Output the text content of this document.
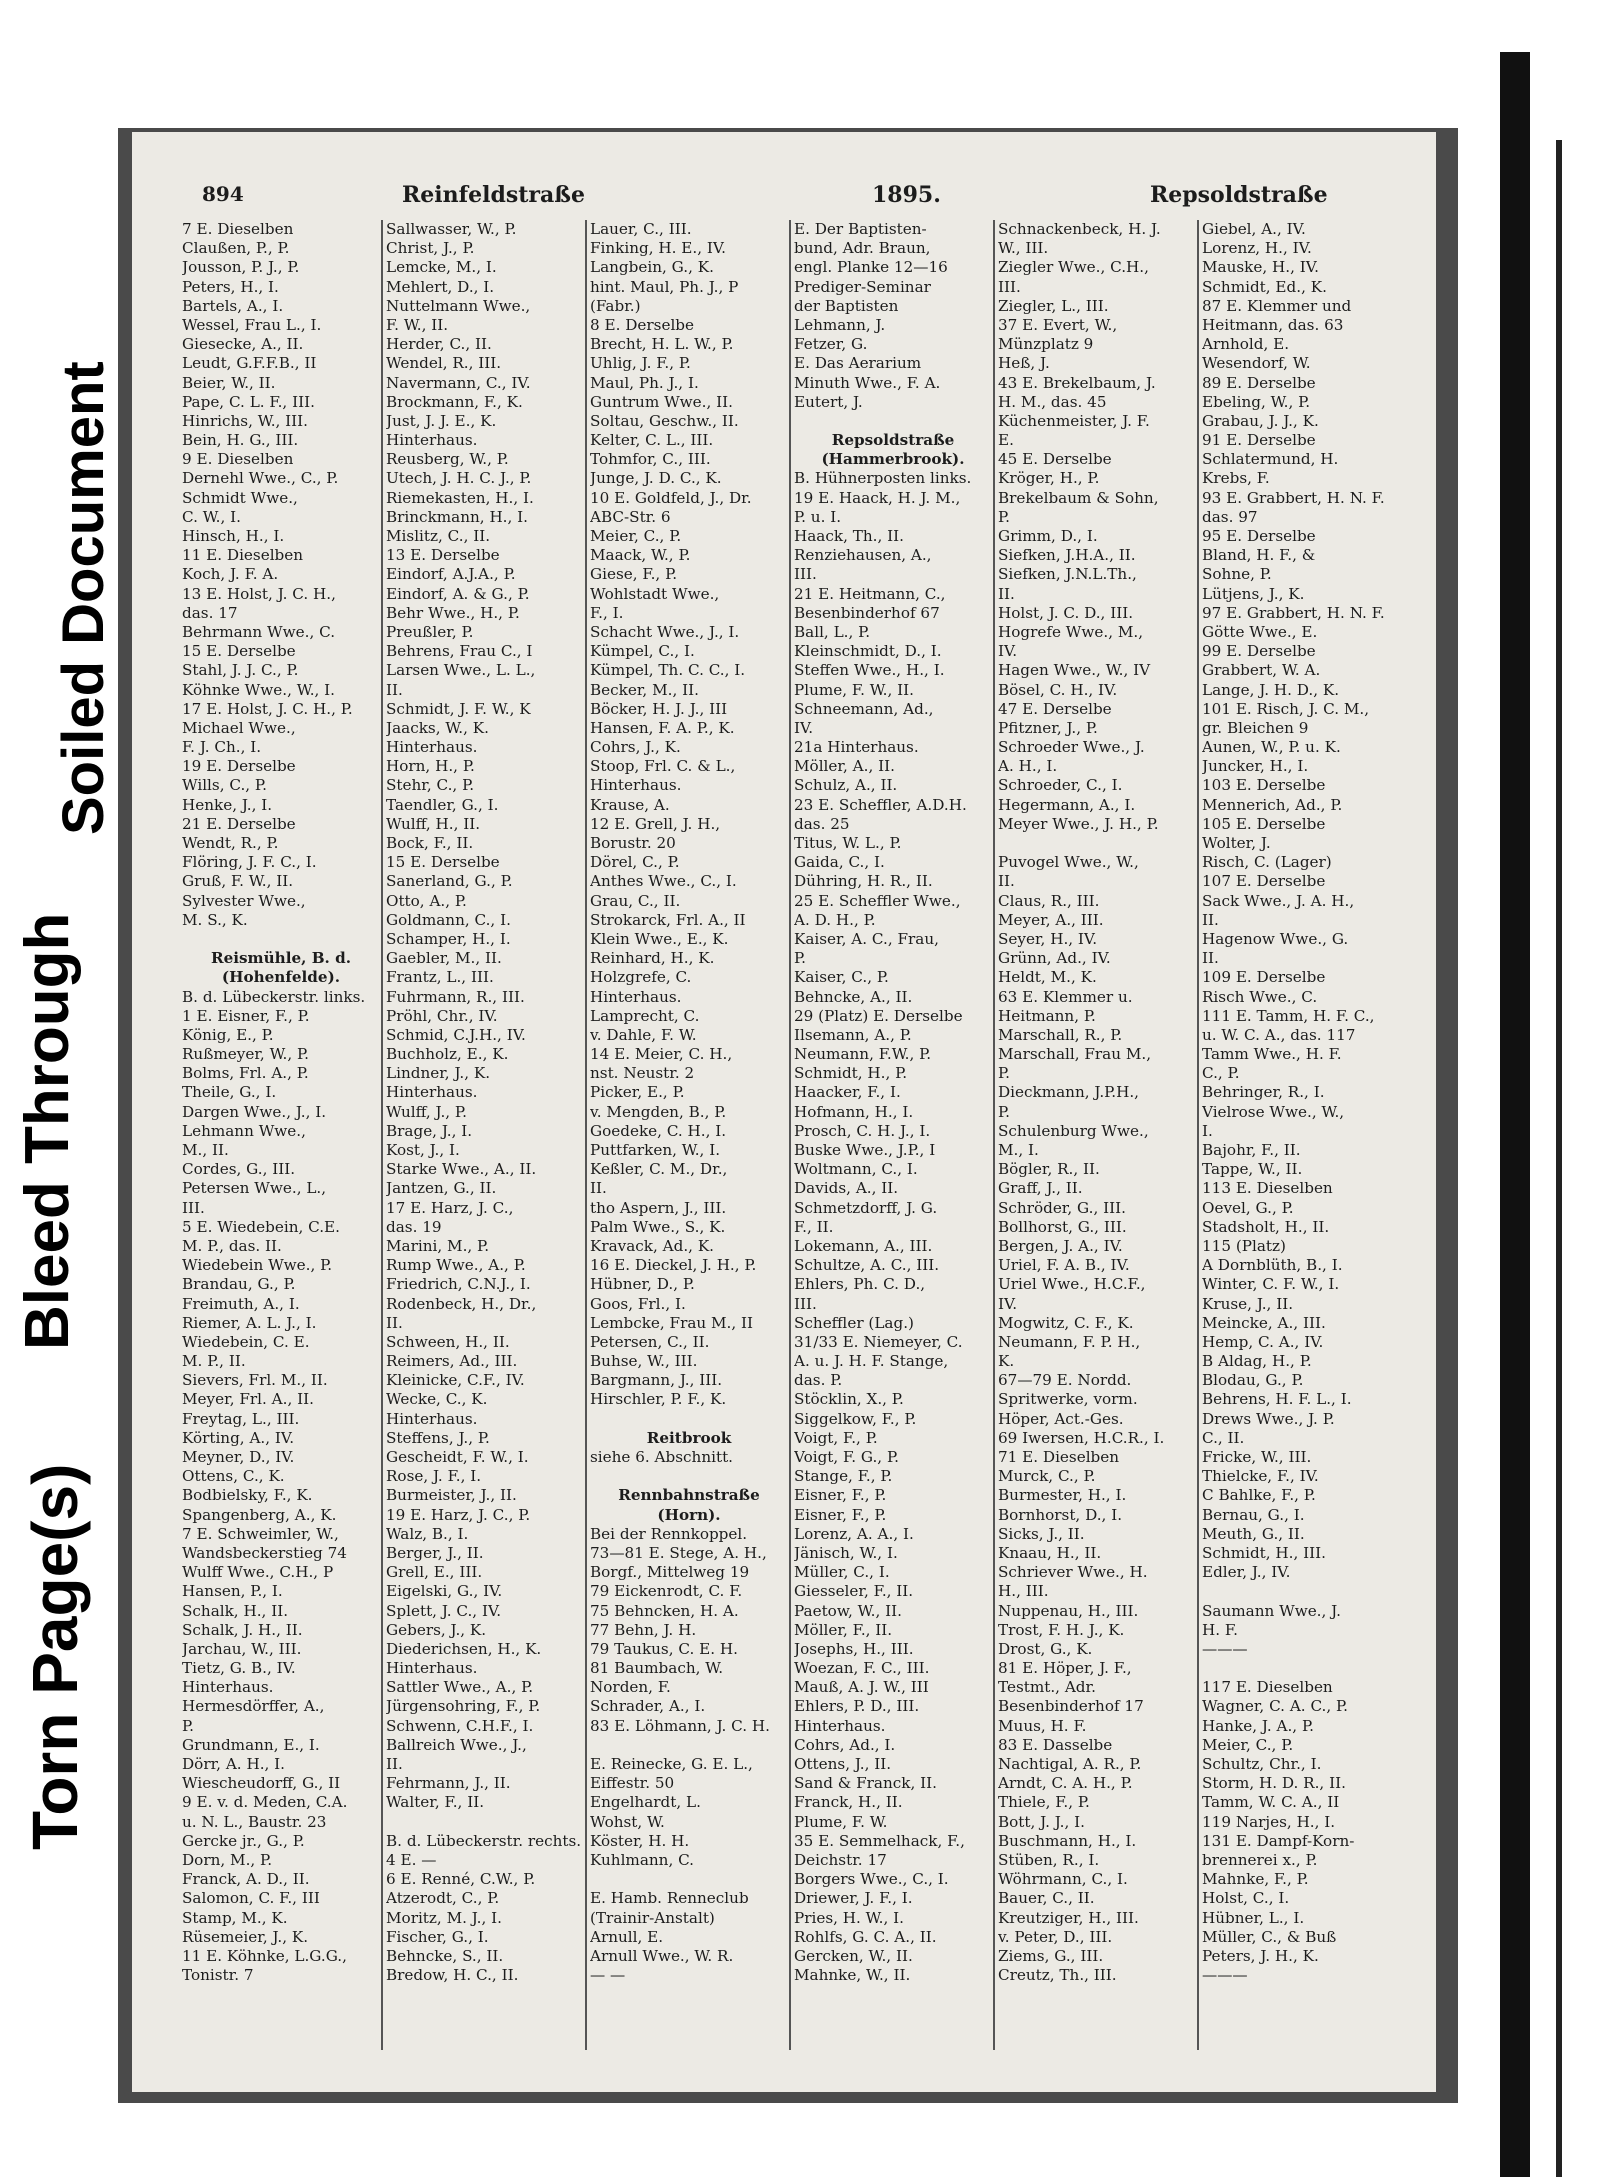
Bleed Through
Soiled Document
Torn Page(s)
894	Reinfeldstraße	1895.	Repsoldstraße
7 E. Dieselben
Claußen, P., P.
Jousson, P. J., P.
Peters, H., I.
Bartels, A., I.
Wessel, Frau L., I.
Giesecke, A., II.
Leudt, G.F.F.B., II
Beier, W., II.
Pape, C. L. F., III.
Hinrichs, W., III.
Bein, H. G., III.
9 E. Dieselben
Dernehl Wwe., C., P.
Schmidt Wwe.,
C. W., I.
Hinsch, H., I.
11 E. Dieselben
Koch, J. F. A.
13 E. Holst, J. C. H.,
das. 17
Behrmann Wwe., C.
15 E. Derselbe
Stahl, J. J. C., P.
Köhnke Wwe., W., I.
17 E. Holst, J. C. H., P.
Michael Wwe.,
F. J. Ch., I.
19 E. Derselbe
Wills, C., P.
Henke, J., I.
21 E. Derselbe
Wendt, R., P.
Flöring, J. F. C., I.
Gruß, F. W., II.
Sylvester Wwe.,
M. S., K.
Reismühle, B. d.
(Hohenfelde).
B. d. Lübeckerstr. links.
1 E. Eisner, F., P.
König, E., P.
Rußmeyer, W., P.
Bolms, Frl. A., P.
Theile, G., I.
Dargen Wwe., J., I.
Lehmann Wwe.,
M., II.
Cordes, G., III.
Petersen Wwe., L.,
III.
5 E. Wiedebein, C.E.
M. P., das. II.
Wiedebein Wwe., P.
Brandau, G., P.
Freimuth, A., I.
Riemer, A. L. J., I.
Wiedebein, C. E.
M. P., II.
Sievers, Frl. M., II.
Meyer, Frl. A., II.
Freytag, L., III.
Körting, A., IV.
Meyner, D., IV.
Ottens, C., K.
Bodbielsky, F., K.
Spangenberg, A., K.
7 E. Schweimler, W.,
Wandsbeckerstieg 74
Wulff Wwe., C.H., P
Hansen, P., I.
Schalk, H., II.
Schalk, J. H., II.
Jarchau, W., III.
Tietz, G. B., IV.
Hinterhaus.
Hermesdörffer, A.,
P.
Grundmann, E., I.
Dörr, A. H., I.
Wiescheudorff, G., II
9 E. v. d. Meden, C.A.
u. N. L., Baustr. 23
Gercke jr., G., P.
Dorn, M., P.
Franck, A. D., II.
Salomon, C. F., III
Stamp, M., K.
Rüsemeier, J., K.
11 E. Köhnke, L.G.G.,
Tonistr. 7
Sallwasser, W., P.
Christ, J., P.
Lemcke, M., I.
Mehlert, D., I.
Nuttelmann Wwe.,
F. W., II.
Herder, C., II.
Wendel, R., III.
Navermann, C., IV.
Brockmann, F., K.
Just, J. J. E., K.
Hinterhaus.
Reusberg, W., P.
Utech, J. H. C. J., P.
Riemekasten, H., I.
Brinckmann, H., I.
Mislitz, C., II.
13 E. Derselbe
Eindorf, A.J.A., P.
Eindorf, A. & G., P.
Behr Wwe., H., P.
Preußler, P.
Behrens, Frau C., I
Larsen Wwe., L. L.,
II.
Schmidt, J. F. W., K
Jaacks, W., K.
Hinterhaus.
Horn, H., P.
Stehr, C., P.
Taendler, G., I.
Wulff, H., II.
Bock, F., II.
15 E. Derselbe
Sanerland, G., P.
Otto, A., P.
Goldmann, C., I.
Schamper, H., I.
Gaebler, M., II.
Frantz, L., III.
Fuhrmann, R., III.
Pröhl, Chr., IV.
Schmid, C.J.H., IV.
Buchholz, E., K.
Lindner, J., K.
Hinterhaus.
Wulff, J., P.
Brage, J., I.
Kost, J., I.
Starke Wwe., A., II.
Jantzen, G., II.
17 E. Harz, J. C.,
das. 19
Marini, M., P.
Rump Wwe., A., P.
Friedrich, C.N.J., I.
Rodenbeck, H., Dr.,
II.
Schween, H., II.
Reimers, Ad., III.
Kleinicke, C.F., IV.
Wecke, C., K.
Hinterhaus.
Steffens, J., P.
Gescheidt, F. W., I.
Rose, J. F., I.
Burmeister, J., II.
19 E. Harz, J. C., P.
Walz, B., I.
Berger, J., II.
Grell, E., III.
Eigelski, G., IV.
Splett, J. C., IV.
Gebers, J., K.
Diederichsen, H., K.
Hinterhaus.
Sattler Wwe., A., P.
Jürgensohring, F., P.
Schwenn, C.H.F., I.
Ballreich Wwe., J.,
II.
Fehrmann, J., II.
Walter, F., II.
B. d. Lübeckerstr. rechts.
4 E. —
6 E. Renné, C.W., P.
Atzerodt, C., P.
Moritz, M. J., I.
Fischer, G., I.
Behncke, S., II.
Bredow, H. C., II.
Lauer, C., III.
Finking, H. E., IV.
Langbein, G., K.
hint. Maul, Ph. J., P
(Fabr.)
8 E. Derselbe
Brecht, H. L. W., P.
Uhlig, J. F., P.
Maul, Ph. J., I.
Guntrum Wwe., II.
Soltau, Geschw., II.
Kelter, C. L., III.
Tohmfor, C., III.
Junge, J. D. C., K.
10 E. Goldfeld, J., Dr.
ABC-Str. 6
Meier, C., P.
Maack, W., P.
Giese, F., P.
Wohlstadt Wwe.,
F., I.
Schacht Wwe., J., I.
Kümpel, C., I.
Kümpel, Th. C. C., I.
Becker, M., II.
Böcker, H. J. J., III
Hansen, F. A. P., K.
Cohrs, J., K.
Stoop, Frl. C. & L.,
Hinterhaus.
Krause, A.
12 E. Grell, J. H.,
Borustr. 20
Dörel, C., P.
Anthes Wwe., C., I.
Grau, C., II.
Strokarck, Frl. A., II
Klein Wwe., E., K.
Reinhard, H., K.
Holzgrefe, C.
Hinterhaus.
Lamprecht, C.
v. Dahle, F. W.
14 E. Meier, C. H.,
nst. Neustr. 2
Picker, E., P.
v. Mengden, B., P.
Goedeke, C. H., I.
Puttfarken, W., I.
Keßler, C. M., Dr.,
II.
tho Aspern, J., III.
Palm Wwe., S., K.
Kravack, Ad., K.
16 E. Dieckel, J. H., P.
Hübner, D., P.
Goos, Frl., I.
Lembcke, Frau M., II
Petersen, C., II.
Buhse, W., III.
Bargmann, J., III.
Hirschler, P. F., K.
Reitbrook
siehe 6. Abschnitt.
Rennbahnstraße
(Horn).
Bei der Rennkoppel.
73—81 E. Stege, A. H.,
Borgf., Mittelweg 19
79 Eickenrodt, C. F.
75 Behncken, H. A.
77 Behn, J. H.
79 Taukus, C. E. H.
81 Baumbach, W.
Norden, F.
Schrader, A., I.
83 E. Löhmann, J. C. H.
E. Reinecke, G. E. L.,
Eiffestr. 50
Engelhardt, L.
Wohst, W.
Köster, H. H.
Kuhlmann, C.
E. Hamb. Renneclub
(Trainir-Anstalt)
Arnull, E.
Arnull Wwe., W. R.
— —
E. Der Baptisten-
bund, Adr. Braun,
engl. Planke 12—16
Prediger-Seminar
der Baptisten
Lehmann, J.
Fetzer, G.
E. Das Aerarium
Minuth Wwe., F. A.
Eutert, J.
Repsoldstraße
(Hammerbrook).
B. Hühnerposten links.
19 E. Haack, H. J. M.,
P. u. I.
Haack, Th., II.
Renziehausen, A.,
III.
21 E. Heitmann, C.,
Besenbinderhof 67
Ball, L., P.
Kleinschmidt, D., I.
Steffen Wwe., H., I.
Plume, F. W., II.
Schneemann, Ad.,
IV.
21a Hinterhaus.
Möller, A., II.
Schulz, A., II.
23 E. Scheffler, A.D.H.
das. 25
Titus, W. L., P.
Gaida, C., I.
Dühring, H. R., II.
25 E. Scheffler Wwe.,
A. D. H., P.
Kaiser, A. C., Frau,
P.
Kaiser, C., P.
Behncke, A., II.
29 (Platz) E. Derselbe
Ilsemann, A., P.
Neumann, F.W., P.
Schmidt, H., P.
Haacker, F., I.
Hofmann, H., I.
Prosch, C. H. J., I.
Buske Wwe., J.P., I
Woltmann, C., I.
Davids, A., II.
Schmetzdorff, J. G.
F., II.
Lokemann, A., III.
Schultze, A. C., III.
Ehlers, Ph. C. D.,
III.
Scheffler (Lag.)
31/33 E. Niemeyer, C.
A. u. J. H. F. Stange,
das. P.
Stöcklin, X., P.
Siggelkow, F., P.
Voigt, F., P.
Voigt, F. G., P.
Stange, F., P.
Eisner, F., P.
Eisner, F., P.
Lorenz, A. A., I.
Jänisch, W., I.
Müller, C., I.
Giesseler, F., II.
Paetow, W., II.
Möller, F., II.
Josephs, H., III.
Woezan, F. C., III.
Mauß, A. J. W., III
Ehlers, P. D., III.
Hinterhaus.
Cohrs, Ad., I.
Ottens, J., II.
Sand & Franck, II.
Franck, H., II.
Plume, F. W.
35 E. Semmelhack, F.,
Deichstr. 17
Borgers Wwe., C., I.
Driewer, J. F., I.
Pries, H. W., I.
Rohlfs, G. C. A., II.
Gercken, W., II.
Mahnke, W., II.
Schnackenbeck, H. J.
W., III.
Ziegler Wwe., C.H.,
III.
Ziegler, L., III.
37 E. Evert, W.,
Münzplatz 9
Heß, J.
43 E. Brekelbaum, J.
H. M., das. 45
Küchenmeister, J. F.
E.
45 E. Derselbe
Kröger, H., P.
Brekelbaum & Sohn,
P.
Grimm, D., I.
Siefken, J.H.A., II.
Siefken, J.N.L.Th.,
II.
Holst, J. C. D., III.
Hogrefe Wwe., M.,
IV.
Hagen Wwe., W., IV
Bösel, C. H., IV.
47 E. Derselbe
Pfitzner, J., P.
Schroeder Wwe., J.
A. H., I.
Schroeder, C., I.
Hegermann, A., I.
Meyer Wwe., J. H., P.
Puvogel Wwe., W.,
II.
Claus, R., III.
Meyer, A., III.
Seyer, H., IV.
Grünn, Ad., IV.
Heldt, M., K.
63 E. Klemmer u.
Heitmann, P.
Marschall, R., P.
Marschall, Frau M.,
P.
Dieckmann, J.P.H.,
P.
Schulenburg Wwe.,
M., I.
Bögler, R., II.
Graff, J., II.
Schröder, G., III.
Bollhorst, G., III.
Bergen, J. A., IV.
Uriel, F. A. B., IV.
Uriel Wwe., H.C.F.,
IV.
Mogwitz, C. F., K.
Neumann, F. P. H.,
K.
67—79 E. Nordd.
Spritwerke, vorm.
Höper, Act.-Ges.
69 Iwersen, H.C.R., I.
71 E. Dieselben
Murck, C., P.
Burmester, H., I.
Bornhorst, D., I.
Sicks, J., II.
Knaau, H., II.
Schriever Wwe., H.
H., III.
Nuppenau, H., III.
Trost, F. H. J., K.
Drost, G., K.
81 E. Höper, J. F.,
Testmt., Adr.
Besenbinderhof 17
Muus, H. F.
83 E. Dasselbe
Nachtigal, A. R., P.
Arndt, C. A. H., P.
Thiele, F., P.
Bott, J. J., I.
Buschmann, H., I.
Stüben, R., I.
Wöhrmann, C., I.
Bauer, C., II.
Kreutziger, H., III.
v. Peter, D., III.
Ziems, G., III.
Creutz, Th., III.
Giebel, A., IV.
Lorenz, H., IV.
Mauske, H., IV.
Schmidt, Ed., K.
87 E. Klemmer und
Heitmann, das. 63
Arnhold, E.
Wesendorf, W.
89 E. Derselbe
Ebeling, W., P.
Grabau, J. J., K.
91 E. Derselbe
Schlatermund, H.
Krebs, F.
93 E. Grabbert, H. N. F.
das. 97
95 E. Derselbe
Bland, H. F., &
Sohne, P.
Lütjens, J., K.
97 E. Grabbert, H. N. F.
Götte Wwe., E.
99 E. Derselbe
Grabbert, W. A.
Lange, J. H. D., K.
101 E. Risch, J. C. M.,
gr. Bleichen 9
Aunen, W., P. u. K.
Juncker, H., I.
103 E. Derselbe
Mennerich, Ad., P.
105 E. Derselbe
Wolter, J.
Risch, C. (Lager)
107 E. Derselbe
Sack Wwe., J. A. H.,
II.
Hagenow Wwe., G.
II.
109 E. Derselbe
Risch Wwe., C.
111 E. Tamm, H. F. C.,
u. W. C. A., das. 117
Tamm Wwe., H. F.
C., P.
Behringer, R., I.
Vielrose Wwe., W.,
I.
Bajohr, F., II.
Tappe, W., II.
113 E. Dieselben
Oevel, G., P.
Stadsholt, H., II.
115 (Platz)
A Dornblüth, B., I.
Winter, C. F. W., I.
Kruse, J., II.
Meincke, A., III.
Hemp, C. A., IV.
B Aldag, H., P.
Blodau, G., P.
Behrens, H. F. L., I.
Drews Wwe., J. P.
C., II.
Fricke, W., III.
Thielcke, F., IV.
C Bahlke, F., P.
Bernau, G., I.
Meuth, G., II.
Schmidt, H., III.
Edler, J., IV.
Saumann Wwe., J.
H. F.
———
117 E. Dieselben
Wagner, C. A. C., P.
Hanke, J. A., P.
Meier, C., P.
Schultz, Chr., I.
Storm, H. D. R., II.
Tamm, W. C. A., II
119 Narjes, H., I.
131 E. Dampf-Korn-
brennerei x., P.
Mahnke, F., P.
Holst, C., I.
Hübner, L., I.
Müller, C., & Buß
Peters, J. H., K.
———
